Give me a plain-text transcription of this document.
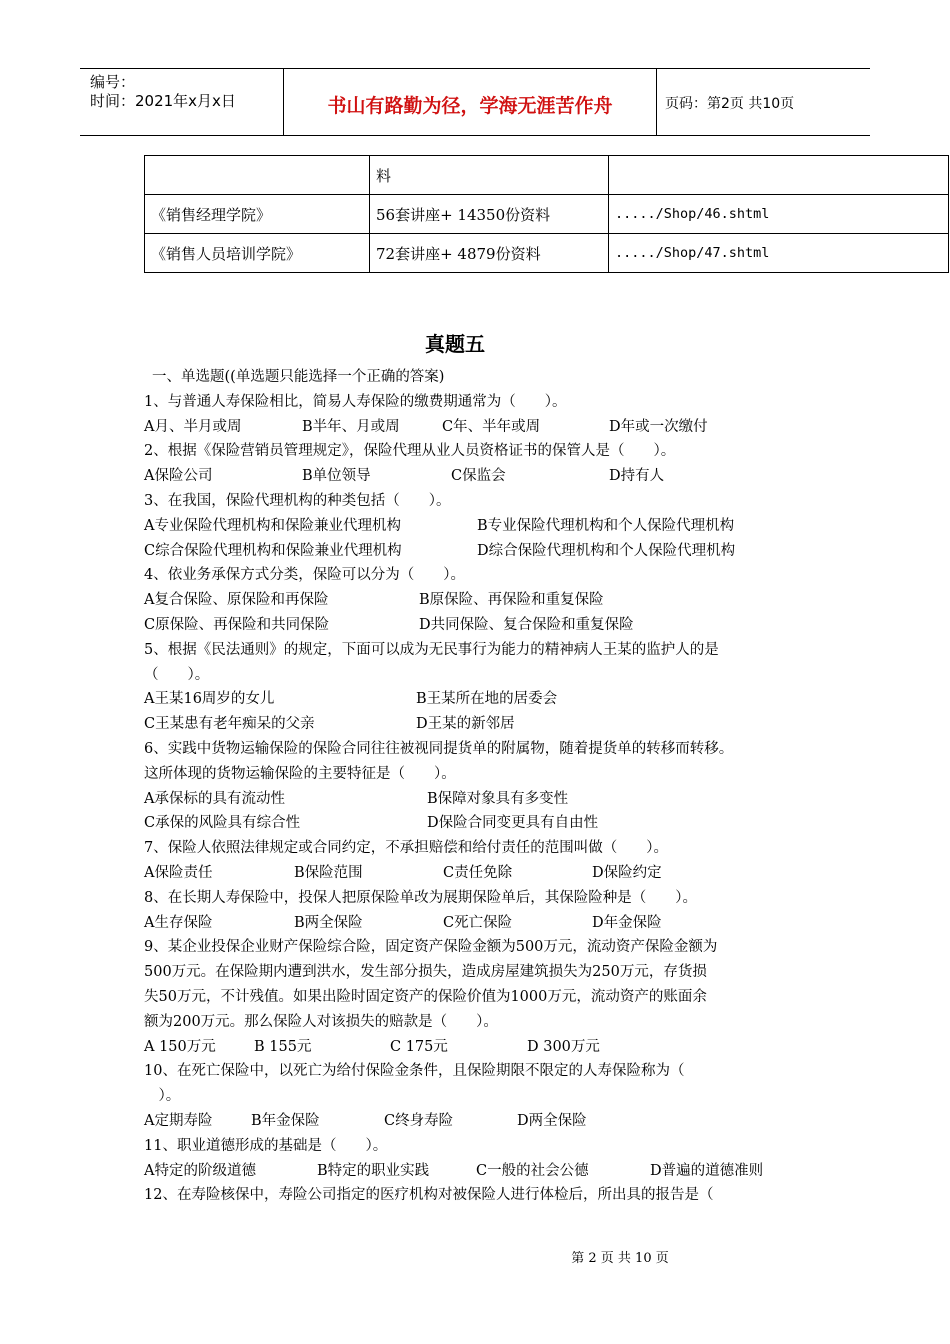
编号：
时间：2021年x月x日	书山有路勤为径，学海无涯苦作舟	页码：第2页 共10页
	料	
《销售经理学院》	56套讲座+ 14350份资料	...../Shop/46.shtml
《销售人员培训学院》	72套讲座+ 4879份资料	...../Shop/47.shtml
真题五
一、单选题((单选题只能选择一个正确的答案)
1、与普通人寿保险相比，简易人寿保险的缴费期通常为（　　）。
A月、半月或周	B半年、月或周	C年、半年或周	D年或一次缴付
2、根据《保险营销员管理规定》，保险代理从业人员资格证书的保管人是（　　）。
A保险公司	B单位领导	C保监会	D持有人
3、在我国，保险代理机构的种类包括（　　）。
A专业保险代理机构和保险兼业代理机构	B专业保险代理机构和个人保险代理机构
C综合保险代理机构和保险兼业代理机构	D综合保险代理机构和个人保险代理机构
4、依业务承保方式分类，保险可以分为（　　）。
A复合保险、原保险和再保险	B原保险、再保险和重复保险
C原保险、再保险和共同保险	D共同保险、复合保险和重复保险
5、根据《民法通则》的规定，下面可以成为无民事行为能力的精神病人王某的监护人的是
（　　）。
A王某16周岁的女儿	B王某所在地的居委会
C王某患有老年痴呆的父亲	D王某的新邻居
6、实践中货物运输保险的保险合同往往被视同提货单的附属物，随着提货单的转移而转移。
这所体现的货物运输保险的主要特征是（　　）。
A承保标的具有流动性	B保障对象具有多变性
C承保的风险具有综合性	D保险合同变更具有自由性
7、保险人依照法律规定或合同约定，不承担赔偿和给付责任的范围叫做（　　）。
A保险责任	B保险范围	C责任免除	D保险约定
8、在长期人寿保险中，投保人把原保险单改为展期保险单后，其保险险种是（　　）。
A生存保险	B两全保险	C死亡保险	D年金保险
9、某企业投保企业财产保险综合险，固定资产保险金额为500万元，流动资产保险金额为
500万元。在保险期内遭到洪水，发生部分损失，造成房屋建筑损失为250万元，存货损
失50万元，不计残值。如果出险时固定资产的保险价值为1000万元，流动资产的账面余
额为200万元。那么保险人对该损失的赔款是（　　）。
A 150万元	B 155元	C 175元	D 300万元
10、在死亡保险中，以死亡为给付保险金条件，且保险期限不限定的人寿保险称为（
　）。
A定期寿险	B年金保险	C终身寿险	D两全保险
11、职业道德形成的基础是（　　）。
A特定的阶级道德	B特定的职业实践	C一般的社会公德	D普遍的道德准则
12、在寿险核保中，寿险公司指定的医疗机构对被保险人进行体检后，所出具的报告是（
第 2 页 共 10 页
